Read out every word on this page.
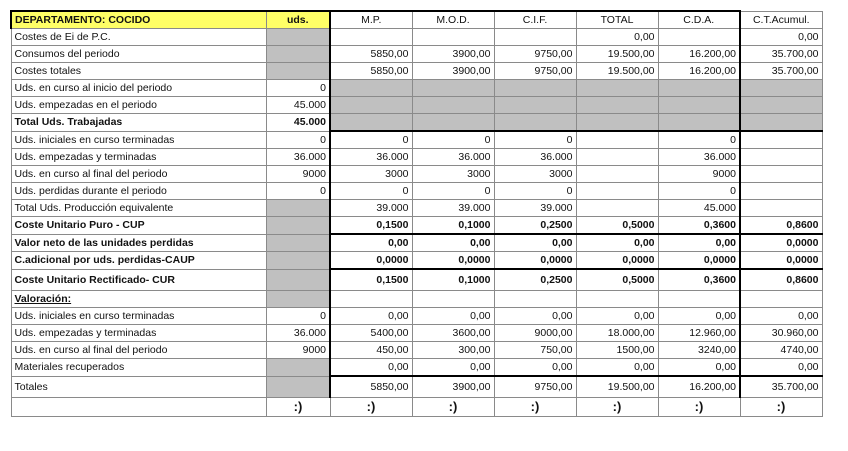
DEPARTAMENTO: COCIDO	uds.	M.P.	M.O.D.	C.I.F.	TOTAL	C.D.A.	C.T.Acumul.
Costes de Ei de P.C.					0,00		0,00
Consumos del periodo		5850,00	3900,00	9750,00	19.500,00	16.200,00	35.700,00
Costes totales		5850,00	3900,00	9750,00	19.500,00	16.200,00	35.700,00
Uds. en curso al inicio del periodo	0						
Uds. empezadas en el periodo	45.000						
Total Uds. Trabajadas	45.000						
Uds. iniciales en curso terminadas	0	0	0	0		0	
Uds. empezadas y terminadas	36.000	36.000	36.000	36.000		36.000	
Uds. en curso al final del periodo	9000	3000	3000	3000		9000	
Uds. perdidas durante el periodo	0	0	0	0		0	
Total Uds. Producción equivalente		39.000	39.000	39.000		45.000	
Coste Unitario Puro - CUP		0,1500	0,1000	0,2500	0,5000	0,3600	0,8600
Valor neto de las unidades perdidas		0,00	0,00	0,00	0,00	0,00	0,0000
C.adicional por uds. perdidas-CAUP		0,0000	0,0000	0,0000	0,0000	0,0000	0,0000
Coste Unitario Rectificado- CUR		0,1500	0,1000	0,2500	0,5000	0,3600	0,8600
Valoración:							
Uds. iniciales en curso terminadas	0	0,00	0,00	0,00	0,00	0,00	0,00
Uds. empezadas y terminadas	36.000	5400,00	3600,00	9000,00	18.000,00	12.960,00	30.960,00
Uds. en curso al final del periodo	9000	450,00	300,00	750,00	1500,00	3240,00	4740,00
Materiales recuperados		0,00	0,00	0,00	0,00	0,00	0,00
Totales		5850,00	3900,00	9750,00	19.500,00	16.200,00	35.700,00
	:)	:)	:)	:)	:)	:)	:)
